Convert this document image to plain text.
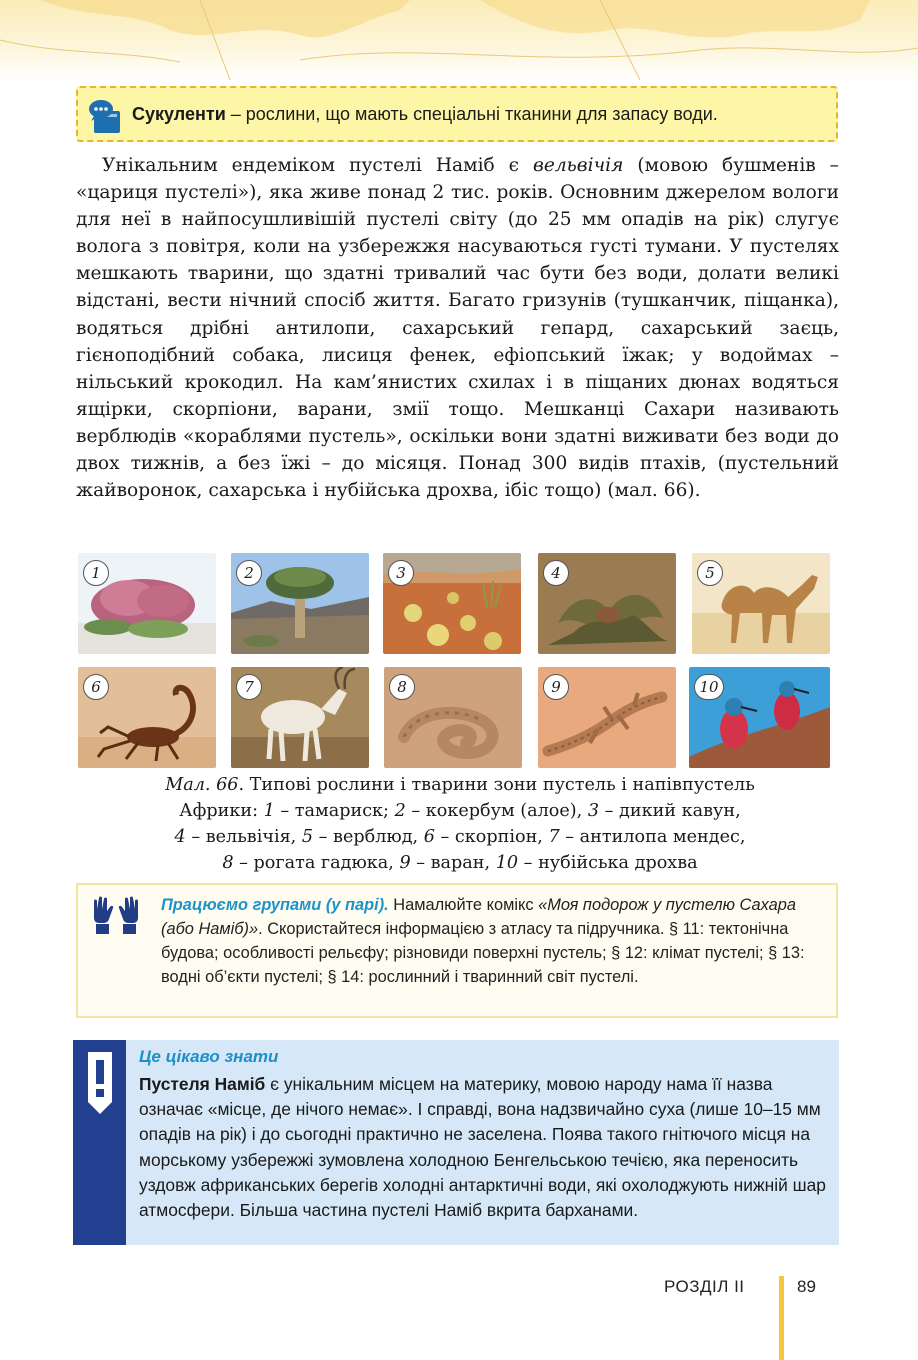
Сукуленти – рослини, що мають спеціальні тканини для запасу води.

Унікальним ендеміком пустелі Наміб є вельвічія (мовою бушменів – «цариця пустелі»), яка живе понад 2 тис. років. Основним джерелом вологи для неї в найпосушливішій пустелі світу (до 25 мм опадів на рік) слугує волога з повітря, коли на узбережжя насуваються густі тумани. У пустелях мешкають тварини, що здатні тривалий час бути без води, долати великі відстані, вести нічний спосіб життя. Багато гризунів (тушканчик, піщанка), водяться дрібні антилопи, сахарський гепард, сахарський заєць, гієноподібний собака, лисиця фенек, ефіопський їжак; у водоймах – нільський крокодил. На кам’янистих схилах і в піщаних дюнах водяться ящірки, скорпіони, варани, змії тощо. Мешканці Сахари називають верблюдів «кораблями пустель», оскільки вони здатні виживати без води до двох тижнів, а без їжі – до місяця. Понад 300 видів птахів, (пустельний жайворонок, сахарська і нубійська дрохва, ібіс тощо) (мал. 66).

1	2	3	4	5
6	7	8	9	10

Мал. 66. Типові рослини і тварини зони пустель і напівпустель
Африки: 1 – тамариск; 2 – кокербум (алое), 3 – дикий кавун,
4 – вельвічія, 5 – верблюд, 6 – скорпіон, 7 – антилопа мендес,
8 – рогата гадюка, 9 – варан, 10 – нубійська дрохва

Працюємо групами (у парі). Намалюйте комікс «Моя подорож у пустелю Сахара (або Наміб)». Скористайтеся інформацією з атласу та підручника. § 11: тектонічна будова; особливості рельєфу; різновиди поверхні пустель; § 12: клімат пустелі; § 13: водні об’єкти пустелі; § 14: рослинний і тваринний світ пустелі.

Це цікаво знати

Пустеля Наміб є унікальним місцем на материку, мовою народу нама її назва означає «місце, де нічого немає». І справді, вона надзвичайно суха (лише 10–15 мм опадів на рік) і до сьогодні практично не заселена. Поява такого гнітючого місця на морському узбережжі зумовлена холодною Бенгельською течією, яка переносить уздовж африканських берегів холодні антарктичні води, які охолоджують нижній шар атмосфери. Більша частина пустелі Наміб вкрита барханами.

РОЗДІЛ ІІ	89
